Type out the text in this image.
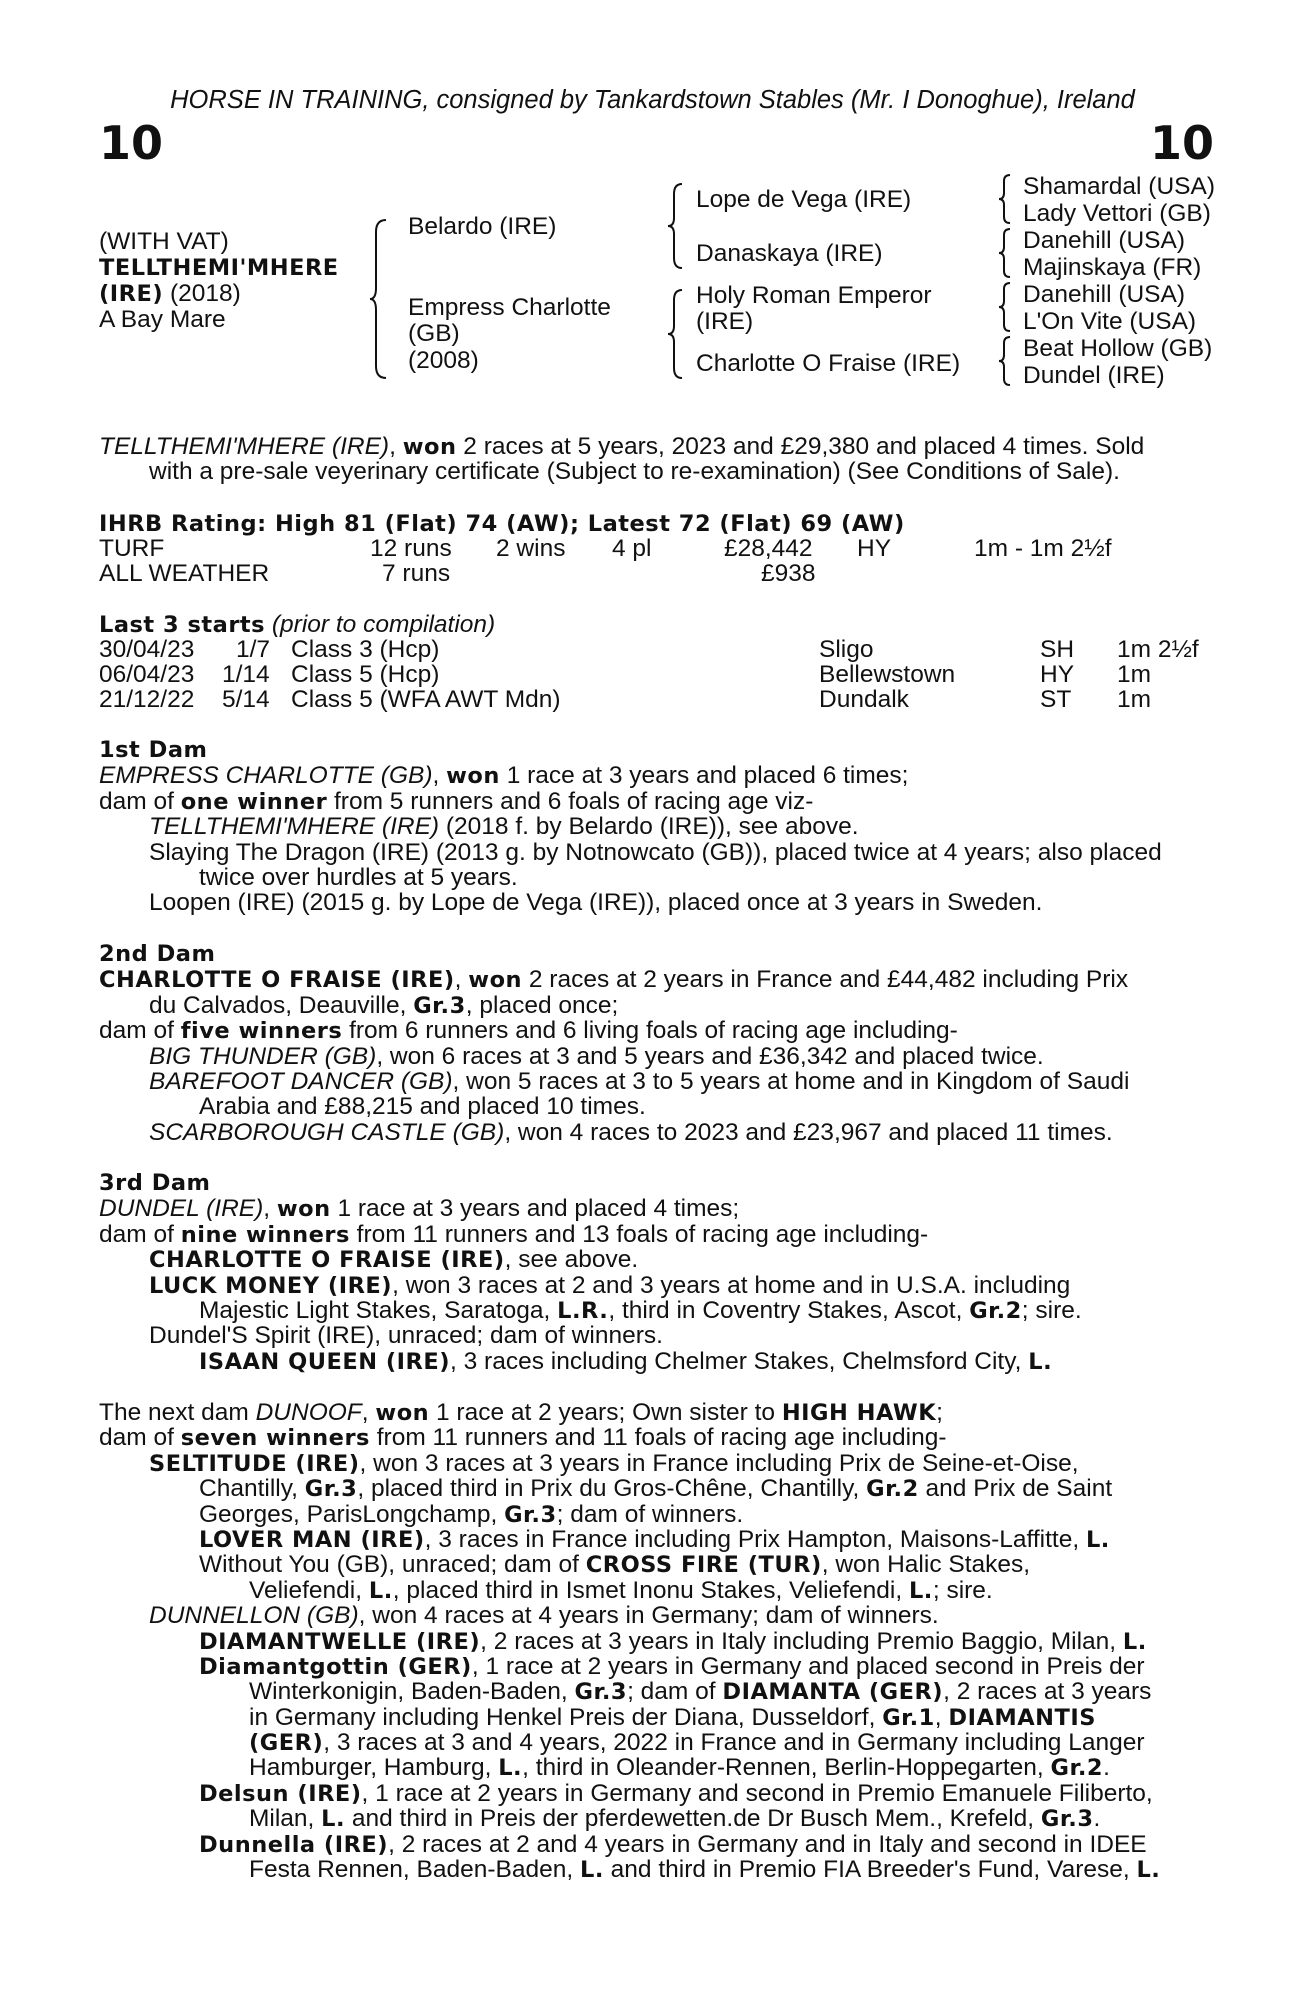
HORSE IN TRAINING, consigned by Tankardstown Stables (Mr. I Donoghue), Ireland
10	10
(WITH VAT)
TELLTHEMI'MHERE
(IRE) (2018)
A Bay Mare
Belardo (IRE)
Empress Charlotte
(GB)
(2008)
Lope de Vega (IRE)
Danaskaya (IRE)
Holy Roman Emperor
(IRE)
Charlotte O Fraise (IRE)
Shamardal (USA)
Lady Vettori (GB)
Danehill (USA)
Majinskaya (FR)
Danehill (USA)
L'On Vite (USA)
Beat Hollow (GB)
Dundel (IRE)
TELLTHEMI'MHERE (IRE), won 2 races at 5 years, 2023 and £29,380 and placed 4 times. Sold
with a pre-sale veyerinary certificate (Subject to re-examination) (See Conditions of Sale).
IHRB Rating: High 81 (Flat) 74 (AW); Latest 72 (Flat) 69 (AW)
TURF	12 runs 2 wins 4 pl	£28,442 HY	1m - 1m 2½f
ALL WEATHER	7 runs	£938
Last 3 starts (prior to compilation)
30/04/23 1/7 Class 3 (Hcp)	Sligo	SH 1m 2½f
06/04/23 1/14 Class 5 (Hcp)	Bellewstown	HY 1m
21/12/22 5/14 Class 5 (WFA AWT Mdn)	Dundalk	ST 1m
1st Dam
EMPRESS CHARLOTTE (GB), won 1 race at 3 years and placed 6 times;
dam of one winner from 5 runners and 6 foals of racing age viz-
TELLTHEMI'MHERE (IRE) (2018 f. by Belardo (IRE)), see above.
Slaying The Dragon (IRE) (2013 g. by Notnowcato (GB)), placed twice at 4 years; also placed
twice over hurdles at 5 years.
Loopen (IRE) (2015 g. by Lope de Vega (IRE)), placed once at 3 years in Sweden.
2nd Dam
CHARLOTTE O FRAISE (IRE), won 2 races at 2 years in France and £44,482 including Prix
du Calvados, Deauville, Gr.3, placed once;
dam of five winners from 6 runners and 6 living foals of racing age including-
BIG THUNDER (GB), won 6 races at 3 and 5 years and £36,342 and placed twice.
BAREFOOT DANCER (GB), won 5 races at 3 to 5 years at home and in Kingdom of Saudi
Arabia and £88,215 and placed 10 times.
SCARBOROUGH CASTLE (GB), won 4 races to 2023 and £23,967 and placed 11 times.
3rd Dam
DUNDEL (IRE), won 1 race at 3 years and placed 4 times;
dam of nine winners from 11 runners and 13 foals of racing age including-
CHARLOTTE O FRAISE (IRE), see above.
LUCK MONEY (IRE), won 3 races at 2 and 3 years at home and in U.S.A. including
Majestic Light Stakes, Saratoga, L.R., third in Coventry Stakes, Ascot, Gr.2; sire.
Dundel'S Spirit (IRE), unraced; dam of winners.
ISAAN QUEEN (IRE), 3 races including Chelmer Stakes, Chelmsford City, L.
The next dam DUNOOF, won 1 race at 2 years; Own sister to HIGH HAWK;
dam of seven winners from 11 runners and 11 foals of racing age including-
SELTITUDE (IRE), won 3 races at 3 years in France including Prix de Seine-et-Oise,
Chantilly, Gr.3, placed third in Prix du Gros-Chêne, Chantilly, Gr.2 and Prix de Saint
Georges, ParisLongchamp, Gr.3; dam of winners.
LOVER MAN (IRE), 3 races in France including Prix Hampton, Maisons-Laffitte, L.
Without You (GB), unraced; dam of CROSS FIRE (TUR), won Halic Stakes,
Veliefendi, L., placed third in Ismet Inonu Stakes, Veliefendi, L.; sire.
DUNNELLON (GB), won 4 races at 4 years in Germany; dam of winners.
DIAMANTWELLE (IRE), 2 races at 3 years in Italy including Premio Baggio, Milan, L.
Diamantgottin (GER), 1 race at 2 years in Germany and placed second in Preis der
Winterkonigin, Baden-Baden, Gr.3; dam of DIAMANTA (GER), 2 races at 3 years
in Germany including Henkel Preis der Diana, Dusseldorf, Gr.1, DIAMANTIS
(GER), 3 races at 3 and 4 years, 2022 in France and in Germany including Langer
Hamburger, Hamburg, L., third in Oleander-Rennen, Berlin-Hoppegarten, Gr.2.
Delsun (IRE), 1 race at 2 years in Germany and second in Premio Emanuele Filiberto,
Milan, L. and third in Preis der pferdewetten.de Dr Busch Mem., Krefeld, Gr.3.
Dunnella (IRE), 2 races at 2 and 4 years in Germany and in Italy and second in IDEE
Festa Rennen, Baden-Baden, L. and third in Premio FIA Breeder's Fund, Varese, L.
